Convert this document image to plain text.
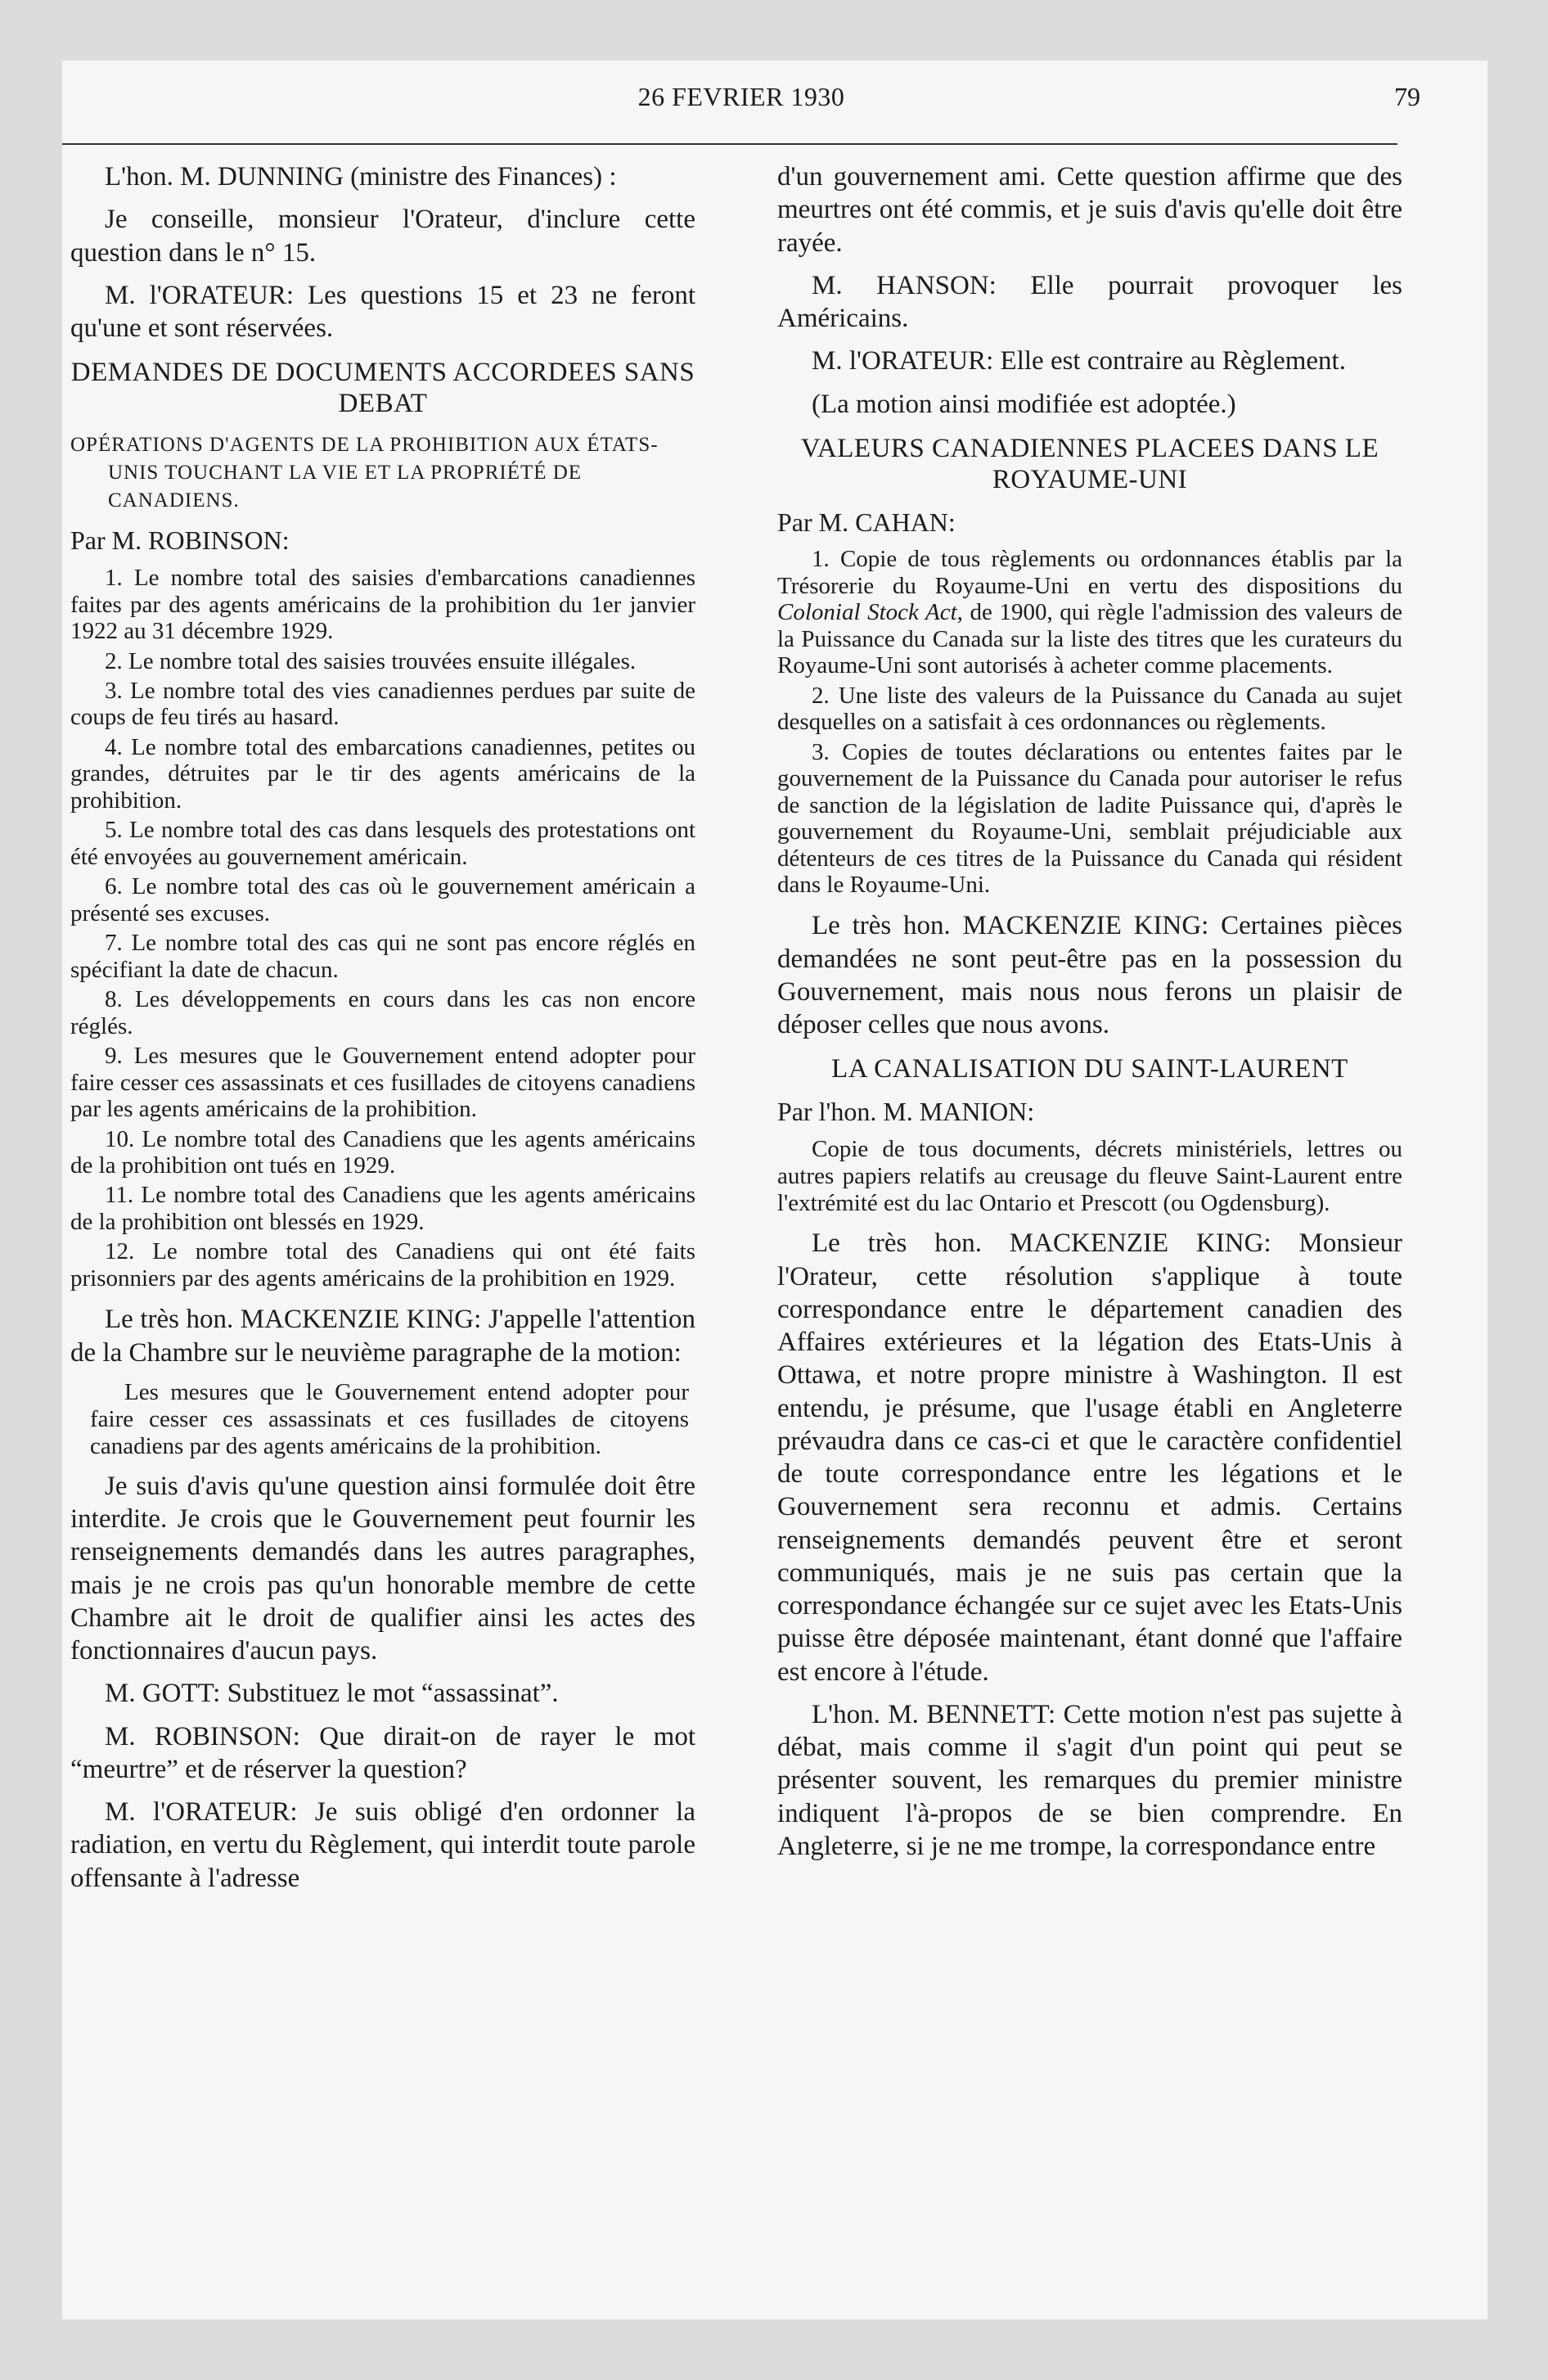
26 FEVRIER 1930	79

L'hon. M. DUNNING (ministre des Finances) :

Je conseille, monsieur l'Orateur, d'inclure cette question dans le n° 15.

M. l'ORATEUR: Les questions 15 et 23 ne feront qu'une et sont réservées.

DEMANDES DE DOCUMENTS ACCORDEES SANS DEBAT

OPÉRATIONS D'AGENTS DE LA PROHIBITION AUX ÉTATS-UNIS TOUCHANT LA VIE ET LA PROPRIÉTÉ DE CANADIENS.

Par M. ROBINSON:

1. Le nombre total des saisies d'embarcations canadiennes faites par des agents américains de la prohibition du 1er janvier 1922 au 31 décembre 1929.

2. Le nombre total des saisies trouvées ensuite illégales.

3. Le nombre total des vies canadiennes perdues par suite de coups de feu tirés au hasard.

4. Le nombre total des embarcations canadiennes, petites ou grandes, détruites par le tir des agents américains de la prohibition.

5. Le nombre total des cas dans lesquels des protestations ont été envoyées au gouvernement américain.

6. Le nombre total des cas où le gouvernement américain a présenté ses excuses.

7. Le nombre total des cas qui ne sont pas encore réglés en spécifiant la date de chacun.

8. Les développements en cours dans les cas non encore réglés.

9. Les mesures que le Gouvernement entend adopter pour faire cesser ces assassinats et ces fusillades de citoyens canadiens par les agents américains de la prohibition.

10. Le nombre total des Canadiens que les agents américains de la prohibition ont tués en 1929.

11. Le nombre total des Canadiens que les agents américains de la prohibition ont blessés en 1929.

12. Le nombre total des Canadiens qui ont été faits prisonniers par des agents américains de la prohibition en 1929.

Le très hon. MACKENZIE KING: J'appelle l'attention de la Chambre sur le neuvième paragraphe de la motion:

Les mesures que le Gouvernement entend adopter pour faire cesser ces assassinats et ces fusillades de citoyens canadiens par des agents américains de la prohibition.

Je suis d'avis qu'une question ainsi formulée doit être interdite. Je crois que le Gouvernement peut fournir les renseignements demandés dans les autres paragraphes, mais je ne crois pas qu'un honorable membre de cette Chambre ait le droit de qualifier ainsi les actes des fonctionnaires d'aucun pays.

M. GOTT: Substituez le mot “assassinat”.

M. ROBINSON: Que dirait-on de rayer le mot “meurtre” et de réserver la question?

M. l'ORATEUR: Je suis obligé d'en ordonner la radiation, en vertu du Règlement, qui interdit toute parole offensante à l'adresse

d'un gouvernement ami. Cette question affirme que des meurtres ont été commis, et je suis d'avis qu'elle doit être rayée.

M. HANSON: Elle pourrait provoquer les Américains.

M. l'ORATEUR: Elle est contraire au Règlement.

(La motion ainsi modifiée est adoptée.)

VALEURS CANADIENNES PLACEES DANS LE ROYAUME-UNI

Par M. CAHAN:

1. Copie de tous règlements ou ordonnances établis par la Trésorerie du Royaume-Uni en vertu des dispositions du Colonial Stock Act, de 1900, qui règle l'admission des valeurs de la Puissance du Canada sur la liste des titres que les curateurs du Royaume-Uni sont autorisés à acheter comme placements.

2. Une liste des valeurs de la Puissance du Canada au sujet desquelles on a satisfait à ces ordonnances ou règlements.

3. Copies de toutes déclarations ou ententes faites par le gouvernement de la Puissance du Canada pour autoriser le refus de sanction de la législation de ladite Puissance qui, d'après le gouvernement du Royaume-Uni, semblait préjudiciable aux détenteurs de ces titres de la Puissance du Canada qui résident dans le Royaume-Uni.

Le très hon. MACKENZIE KING: Certaines pièces demandées ne sont peut-être pas en la possession du Gouvernement, mais nous nous ferons un plaisir de déposer celles que nous avons.

LA CANALISATION DU SAINT-LAURENT

Par l'hon. M. MANION:

Copie de tous documents, décrets ministériels, lettres ou autres papiers relatifs au creusage du fleuve Saint-Laurent entre l'extrémité est du lac Ontario et Prescott (ou Ogdensburg).

Le très hon. MACKENZIE KING: Monsieur l'Orateur, cette résolution s'applique à toute correspondance entre le département canadien des Affaires extérieures et la légation des Etats-Unis à Ottawa, et notre propre ministre à Washington. Il est entendu, je présume, que l'usage établi en Angleterre prévaudra dans ce cas-ci et que le caractère confidentiel de toute correspondance entre les légations et le Gouvernement sera reconnu et admis. Certains renseignements demandés peuvent être et seront communiqués, mais je ne suis pas certain que la correspondance échangée sur ce sujet avec les Etats-Unis puisse être déposée maintenant, étant donné que l'affaire est encore à l'étude.

L'hon. M. BENNETT: Cette motion n'est pas sujette à débat, mais comme il s'agit d'un point qui peut se présenter souvent, les remarques du premier ministre indiquent l'à-propos de se bien comprendre. En Angleterre, si je ne me trompe, la correspondance entre
